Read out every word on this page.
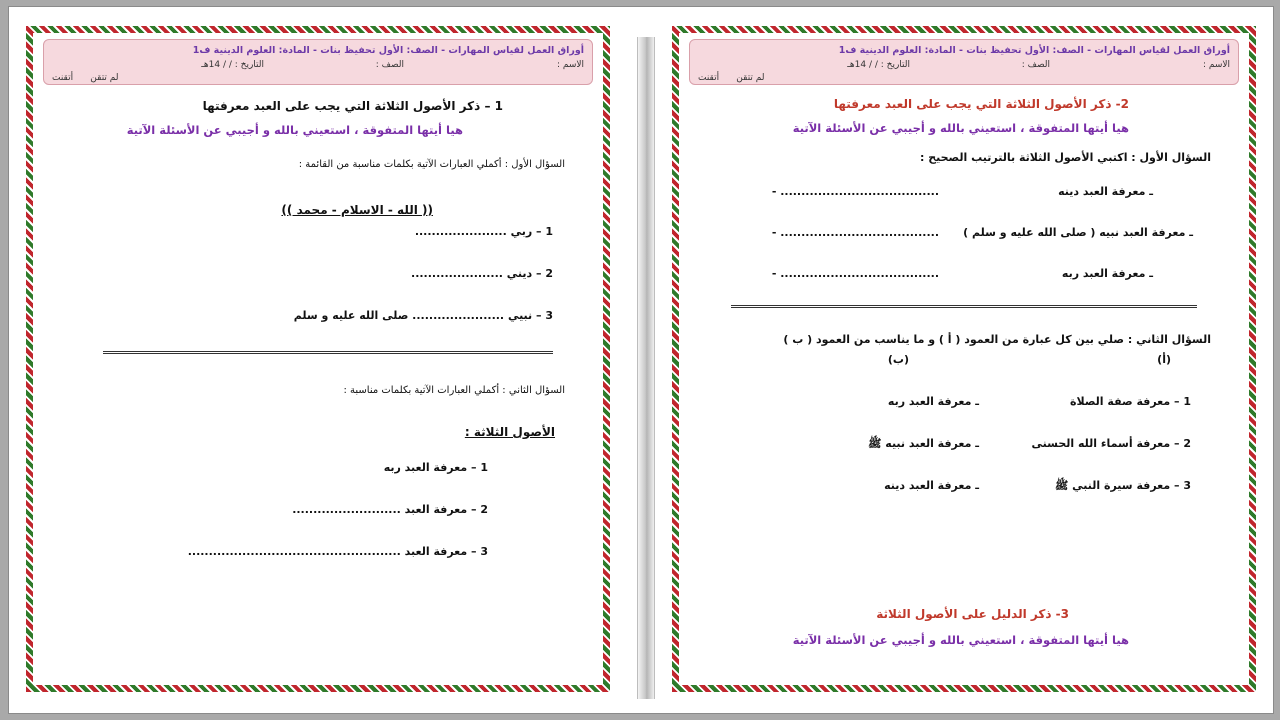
أوراق العمل لقياس المهارات - الصف: الأول تحفيظ بنات - المادة: العلوم الدينية ف1
الاسم :
الصف :
التاريخ : / / 14هـ
لم تتقن      أتقنت
1 – ذكر الأصول الثلاثة التي يجب على العبد معرفتها
هيا أيتها المتفوقة ، استعيني بالله و أجيبي عن الأسئلة الآتية
السؤال الأول : أكملي العبارات الآتية بكلمات مناسبة من القائمة :
(( الله - الاسلام - محمد ))
1 – ربي ......................
2 – ديني ......................
3 – نبيي ...................... صلى الله عليه و سلم
السؤال الثاني : أكملي العبارات الآتية بكلمات مناسبة :
الأصول الثلاثة :
1 – معرفة العبد ربه
2 – معرفة العبد ..........................
3 – معرفة العبد ...................................................
أوراق العمل لقياس المهارات - الصف: الأول تحفيظ بنات - المادة: العلوم الدينية ف1
الاسم :
الصف :
التاريخ : / / 14هـ
لم تتقن      أتقنت
2- ذكر الأصول الثلاثة التي يجب على العبد معرفتها
هيا أيتها المتفوقة ، استعيني بالله و أجيبي عن الأسئلة الآتية
السؤال الأول : اكتبي الأصول الثلاثة بالترتيب الصحيح :
ـ معرفة العبد دينه
...................................... -
ـ معرفة العبد نبيه ( صلى الله عليه و سلم )
...................................... -
ـ معرفة العبد ربه
...................................... -
السؤال الثاني : صلي بين كل عبارة من العمود ( أ ) و ما يناسب من العمود ( ب )
(أ)
(ب)
1 – معرفة صفة الصلاة
ـ معرفة العبد ربه
2 – معرفة أسماء الله الحسنى
ـ معرفة العبد نبيه ﷺ
3 – معرفة سيرة النبي ﷺ
ـ معرفة العبد دينه
3- ذكر الدليل على الأصول الثلاثة
هيا أيتها المتفوقة ، استعيني بالله و أجيبي عن الأسئلة الآتية
